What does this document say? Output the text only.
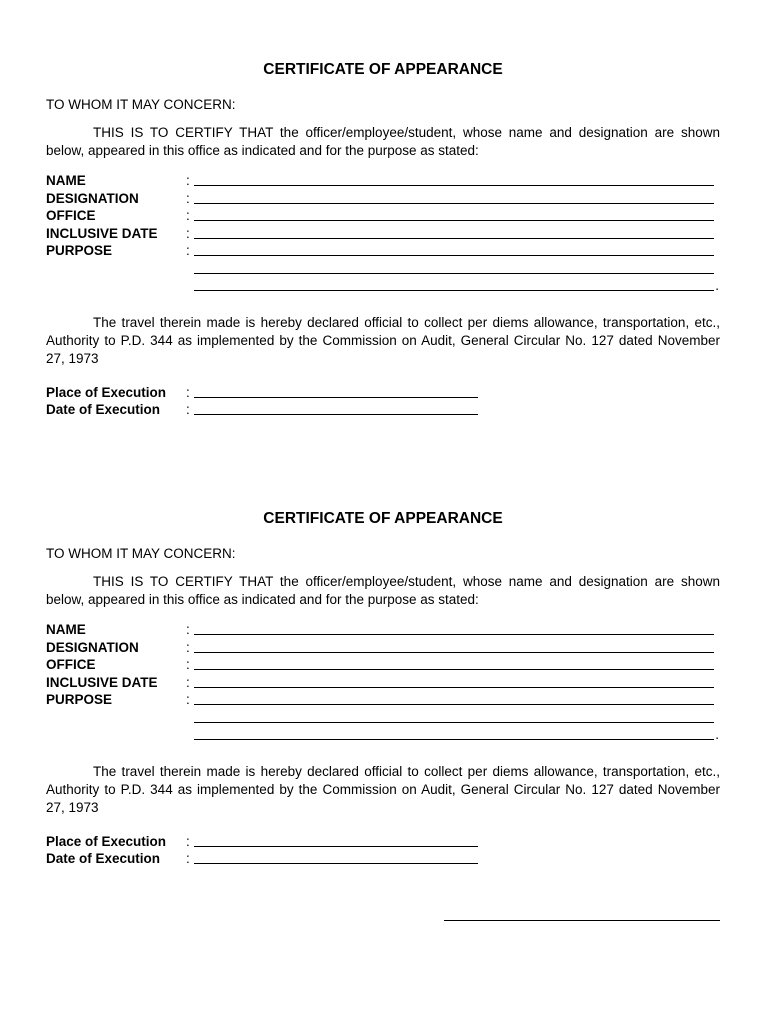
CERTIFICATE OF APPEARANCE
TO WHOM IT MAY CONCERN:

THIS IS TO CERTIFY THAT the officer/employee/student, whose name and designation are shown below, appeared in this office as indicated and for the purpose as stated:

NAME	:
DESIGNATION	:
OFFICE	:
INCLUSIVE DATE :
PURPOSE	:
.

The travel therein made is hereby declared official to collect per diems allowance, transportation, etc., Authority to P.D. 344 as implemented by the Commission on Audit, General Circular No. 127 dated November 27, 1973

Place of Execution :
Date of Execution :
CERTIFICATE OF APPEARANCE
TO WHOM IT MAY CONCERN:

THIS IS TO CERTIFY THAT the officer/employee/student, whose name and designation are shown below, appeared in this office as indicated and for the purpose as stated:

NAME	:
DESIGNATION	:
OFFICE	:
INCLUSIVE DATE :
PURPOSE	:
.

The travel therein made is hereby declared official to collect per diems allowance, transportation, etc., Authority to P.D. 344 as implemented by the Commission on Audit, General Circular No. 127 dated November 27, 1973

Place of Execution :
Date of Execution :
